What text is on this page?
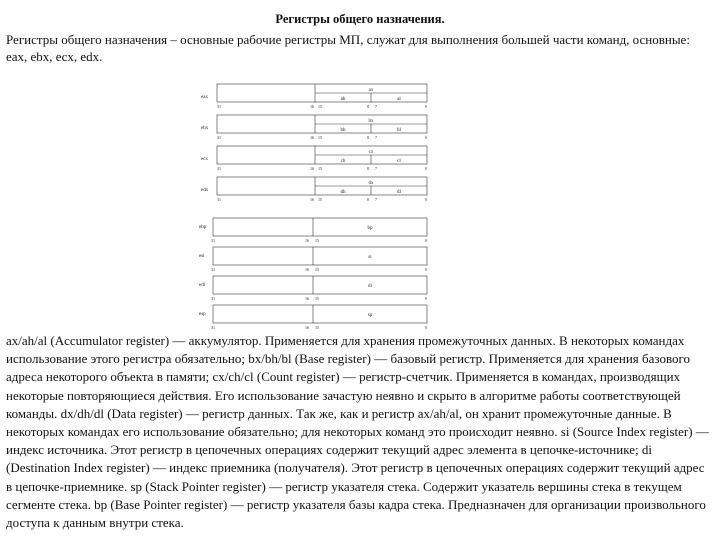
Регистры общего назначения.
Регистры общего назначения – основные рабочие регистры МП, служат для выполнения большей части команд, основные: eax, ebx, ecx, edx.
eax
ax
ah	al
31	16 15	8 7	0
ebx
bx
bh	bl
31	16 15	8 7	0
ecx
cx
ch	cl
31	16 15	8 7	0
edx
dx
dh	dl
31	16 15	8 7	0
ebp	bp
31	16 15	0
esi	si
31	16 15	0
edi	di
31	16 15	0
esp	sp
31	16 15	0
ax/ah/al (Accumulator register) — аккумулятор. Применяется для хранения промежуточных данных. В некоторых командах использование этого регистра обязательно; bx/bh/bl (Base register) — базовый регистр. Применяется для хранения базового адреса некоторого объекта в памяти; cx/ch/cl (Count register) — регистр-счетчик. Применяется в командах, производящих некоторые повторяющиеся действия. Его использование зачастую неявно и скрыто в алгоритме работы соответствующей команды. dx/dh/dl (Data register) — регистр данных. Так же, как и регистр ax/ah/al, он хранит промежуточные данные. В некоторых командах его использование обязательно; для некоторых команд это происходит неявно. si (Source Index register) — индекс источника. Этот регистр в цепочечных операциях содержит текущий адрес элемента в цепочке-источнике; di (Destination Index register) — индекс приемника (получателя). Этот регистр в цепочечных операциях содержит текущий адрес в цепочке-приемнике. sp (Stack Pointer register) — регистр указателя стека. Содержит указатель вершины стека в текущем сегменте стека. bp (Base Pointer register) — регистр указателя базы кадра стека. Предназначен для организации произвольного доступа к данным внутри стека.
